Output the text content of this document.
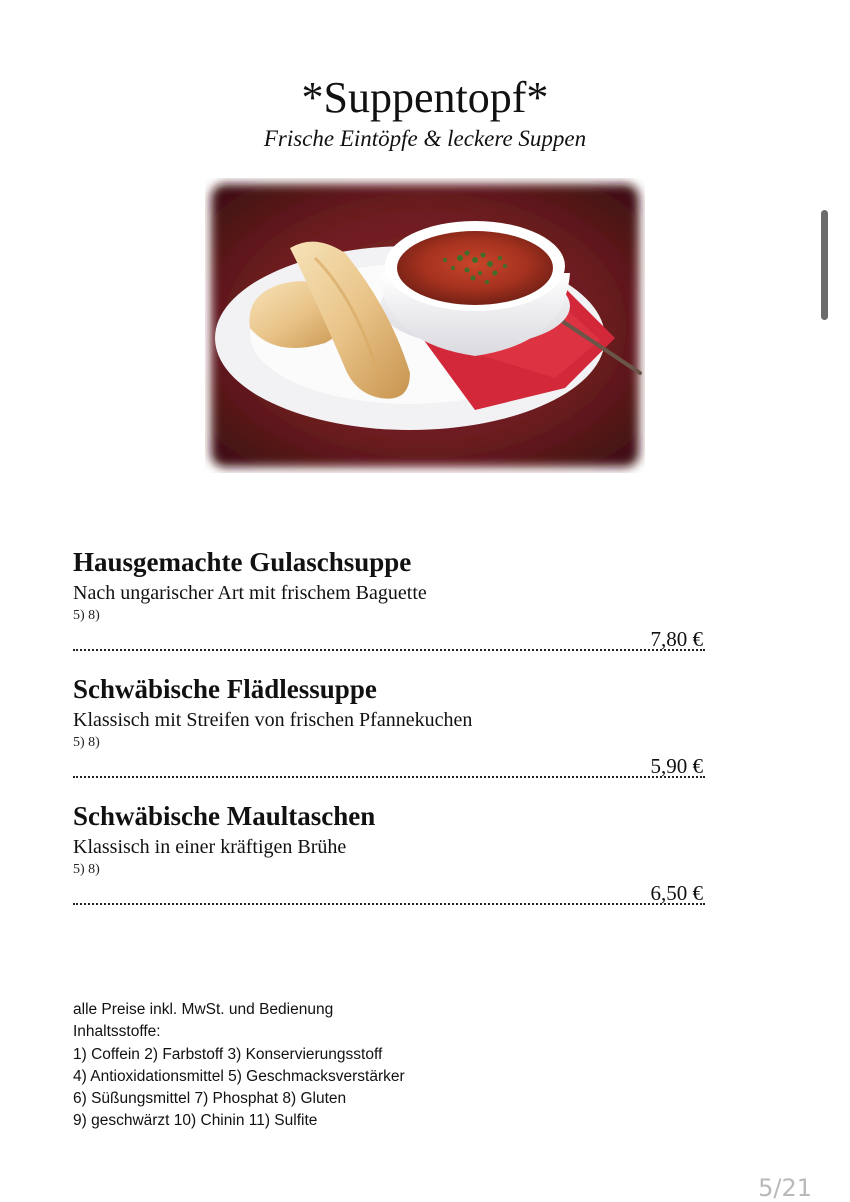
*Suppentopf*
Frische Eintöpfe & leckere Suppen
Hausgemachte Gulaschsuppe
Nach ungarischer Art mit frischem Baguette
5) 8)
7,80 €
Schwäbische Flädlessuppe
Klassisch mit Streifen von frischen Pfannekuchen
5) 8)
5,90 €
Schwäbische Maultaschen
Klassisch in einer kräftigen Brühe
5) 8)
6,50 €
alle Preise inkl. MwSt. und Bedienung
Inhaltsstoffe:
1) Coffein 2) Farbstoff 3) Konservierungsstoff
4) Antioxidationsmittel 5) Geschmacksverstärker
6) Süßungsmittel 7) Phosphat 8) Gluten
9) geschwärzt 10) Chinin 11) Sulfite
5/21
